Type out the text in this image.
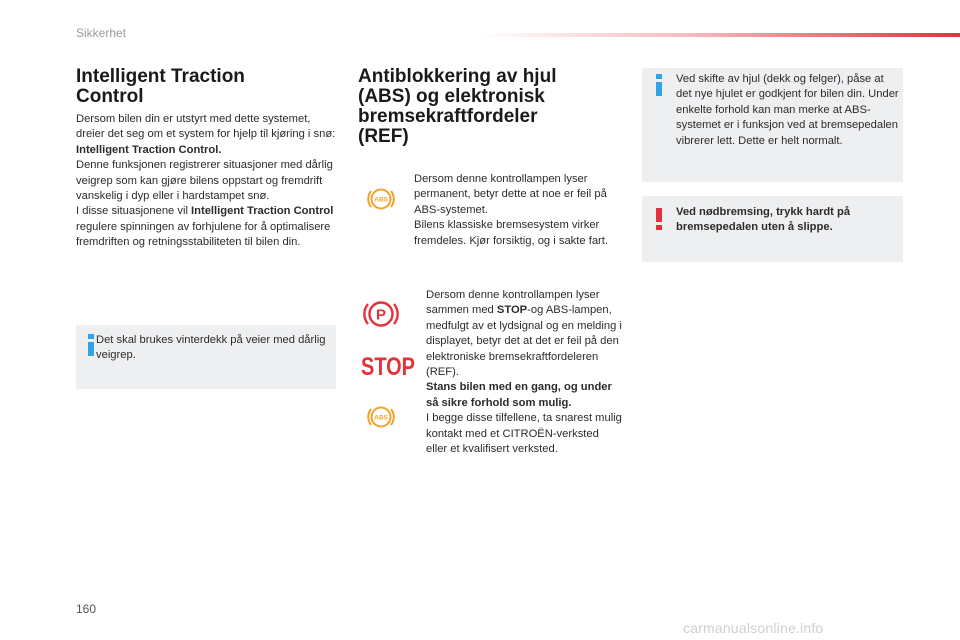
Sikkerhet
Intelligent Traction
Control
Dersom bilen din er utstyrt med dette systemet, dreier det seg om et system for hjelp til kjøring i snø: Intelligent Traction Control.
Denne funksjonen registrerer situasjoner med dårlig veigrep som kan gjøre bilens oppstart og fremdrift vanskelig i dyp eller i hardstampet snø.
I disse situasjonene vil Intelligent Traction Control regulere spinningen av forhjulene for å optimalisere fremdriften og retningsstabiliteten til bilen din.
Det skal brukes vinterdekk på veier med dårlig veigrep.
Antiblokkering av hjul
(ABS) og elektronisk
bremsekraftfordeler
(REF)
ABS
Dersom denne kontrollampen lyser permanent, betyr dette at noe er feil på ABS-systemet.
Bilens klassiske bremsesystem virker fremdeles. Kjør forsiktig, og i sakte fart.
P
STOP
ABS
Dersom denne kontrollampen lyser sammen med STOP-og ABS-lampen, medfulgt av et lydsignal og en melding i displayet, betyr det at det er feil på den elektroniske bremsekraftfordeleren (REF).
Stans bilen med en gang, og under så sikre forhold som mulig.
I begge disse tilfellene, ta snarest mulig kontakt med et CITROËN-verksted eller et kvalifisert verksted.
Ved skifte av hjul (dekk og felger), påse at det nye hjulet er godkjent for bilen din. Under enkelte forhold kan man merke at ABS-systemet er i funksjon ved at bremsepedalen vibrerer lett. Dette er helt normalt.
Ved nødbremsing, trykk hardt på bremsepedalen uten å slippe.
160
carmanualsonline.info
